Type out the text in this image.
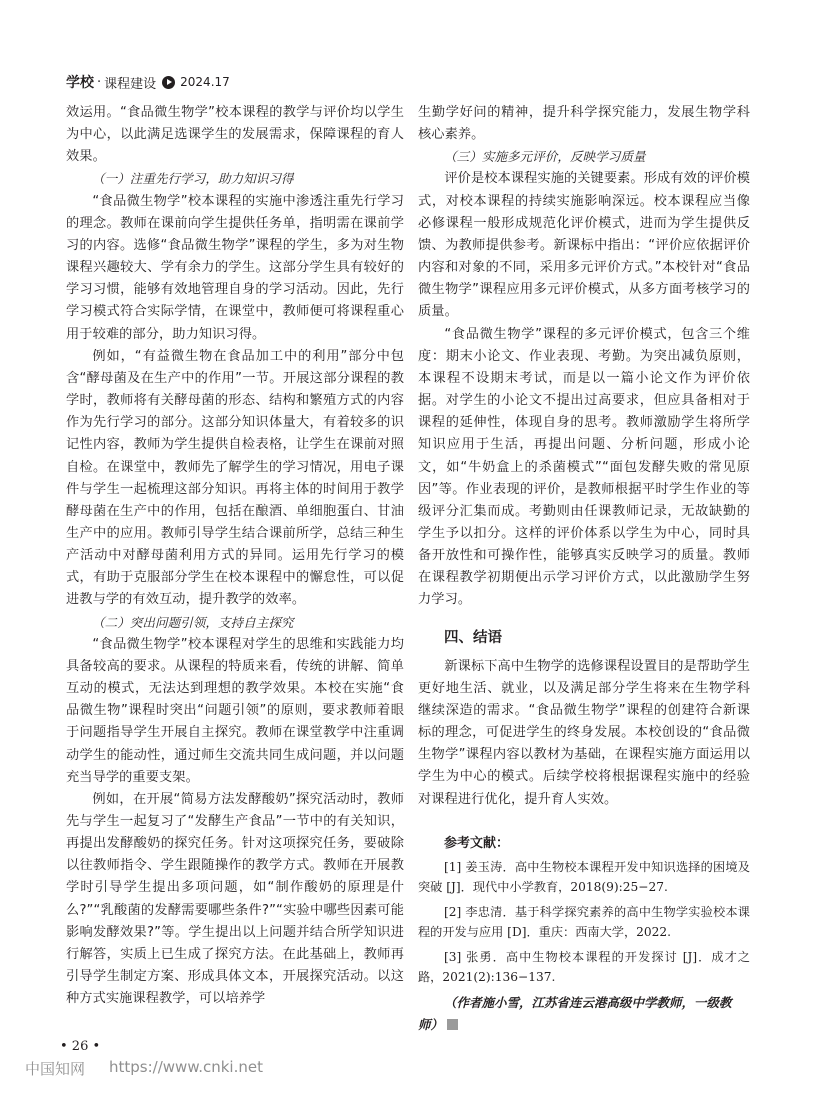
学校 · 课程建设 2024.17

效运用。“食品微生物学”校本课程的教学与评价均以学生为中心，以此满足选课学生的发展需求，保障课程的育人效果。

（一）注重先行学习，助力知识习得

“食品微生物学”校本课程的实施中渗透注重先行学习的理念。教师在课前向学生提供任务单，指明需在课前学习的内容。选修“食品微生物学”课程的学生，多为对生物课程兴趣较大、学有余力的学生。这部分学生具有较好的学习习惯，能够有效地管理自身的学习活动。因此，先行学习模式符合实际学情，在课堂中，教师便可将课程重心用于较难的部分，助力知识习得。

例如，“有益微生物在食品加工中的利用”部分中包含“酵母菌及在生产中的作用”一节。开展这部分课程的教学时，教师将有关酵母菌的形态、结构和繁殖方式的内容作为先行学习的部分。这部分知识体量大，有着较多的识记性内容，教师为学生提供自检表格，让学生在课前对照自检。在课堂中，教师先了解学生的学习情况，用电子课件与学生一起梳理这部分知识。再将主体的时间用于教学酵母菌在生产中的作用，包括在酿酒、单细胞蛋白、甘油生产中的应用。教师引导学生结合课前所学，总结三种生产活动中对酵母菌利用方式的异同。运用先行学习的模式，有助于克服部分学生在校本课程中的懈怠性，可以促进教与学的有效互动，提升教学的效率。

（二）突出问题引领，支持自主探究

“食品微生物学”校本课程对学生的思维和实践能力均具备较高的要求。从课程的特质来看，传统的讲解、简单互动的模式，无法达到理想的教学效果。本校在实施“食品微生物”课程时突出“问题引领”的原则，要求教师着眼于问题指导学生开展自主探究。教师在课堂教学中注重调动学生的能动性，通过师生交流共同生成问题，并以问题充当导学的重要支架。

例如，在开展“简易方法发酵酸奶”探究活动时，教师先与学生一起复习了“发酵生产食品”一节中的有关知识，再提出发酵酸奶的探究任务。针对这项探究任务，要破除以往教师指令、学生跟随操作的教学方式。教师在开展教学时引导学生提出多项问题，如“制作酸奶的原理是什么?”“乳酸菌的发酵需要哪些条件?”“实验中哪些因素可能影响发酵效果?”等。学生提出以上问题并结合所学知识进行解答，实质上已生成了探究方法。在此基础上，教师再引导学生制定方案、形成具体文本，开展探究活动。以这种方式实施课程教学，可以培养学

生勤学好问的精神，提升科学探究能力，发展生物学科核心素养。

（三）实施多元评价，反映学习质量

评价是校本课程实施的关键要素。形成有效的评价模式，对校本课程的持续实施影响深远。校本课程应当像必修课程一般形成规范化评价模式，进而为学生提供反馈、为教师提供参考。新课标中指出：“评价应依据评价内容和对象的不同，采用多元评价方式。”本校针对“食品微生物学”课程应用多元评价模式，从多方面考核学习的质量。

“食品微生物学”课程的多元评价模式，包含三个维度：期末小论文、作业表现、考勤。为突出减负原则，本课程不设期末考试，而是以一篇小论文作为评价依据。对学生的小论文不提出过高要求，但应具备相对于课程的延伸性，体现自身的思考。教师激励学生将所学知识应用于生活，再提出问题、分析问题，形成小论文，如“牛奶盒上的杀菌模式”“面包发酵失败的常见原因”等。作业表现的评价，是教师根据平时学生作业的等级评分汇集而成。考勤则由任课教师记录，无故缺勤的学生予以扣分。这样的评价体系以学生为中心，同时具备开放性和可操作性，能够真实反映学习的质量。教师在课程教学初期便出示学习评价方式，以此激励学生努力学习。

四、结语

新课标下高中生物学的选修课程设置目的是帮助学生更好地生活、就业，以及满足部分学生将来在生物学科继续深造的需求。“食品微生物学”课程的创建符合新课标的理念，可促进学生的终身发展。本校创设的“食品微生物学”课程内容以教材为基础，在课程实施方面运用以学生为中心的模式。后续学校将根据课程实施中的经验对课程进行优化，提升育人实效。

参考文献：

[1] 姜玉涛．高中生物校本课程开发中知识选择的困境及突破 [J]．现代中小学教育，2018(9):25−27.

[2] 李忠清．基于科学探究素养的高中生物学实验校本课程的开发与应用 [D]．重庆：西南大学，2022.

[3] 张勇．高中生物校本课程的开发探讨 [J]．成才之路，2021(2):136−137.

（作者施小雪，江苏省连云港高级中学教师，一级教师）

• 26 •
中国知网 https://www.cnki.net
